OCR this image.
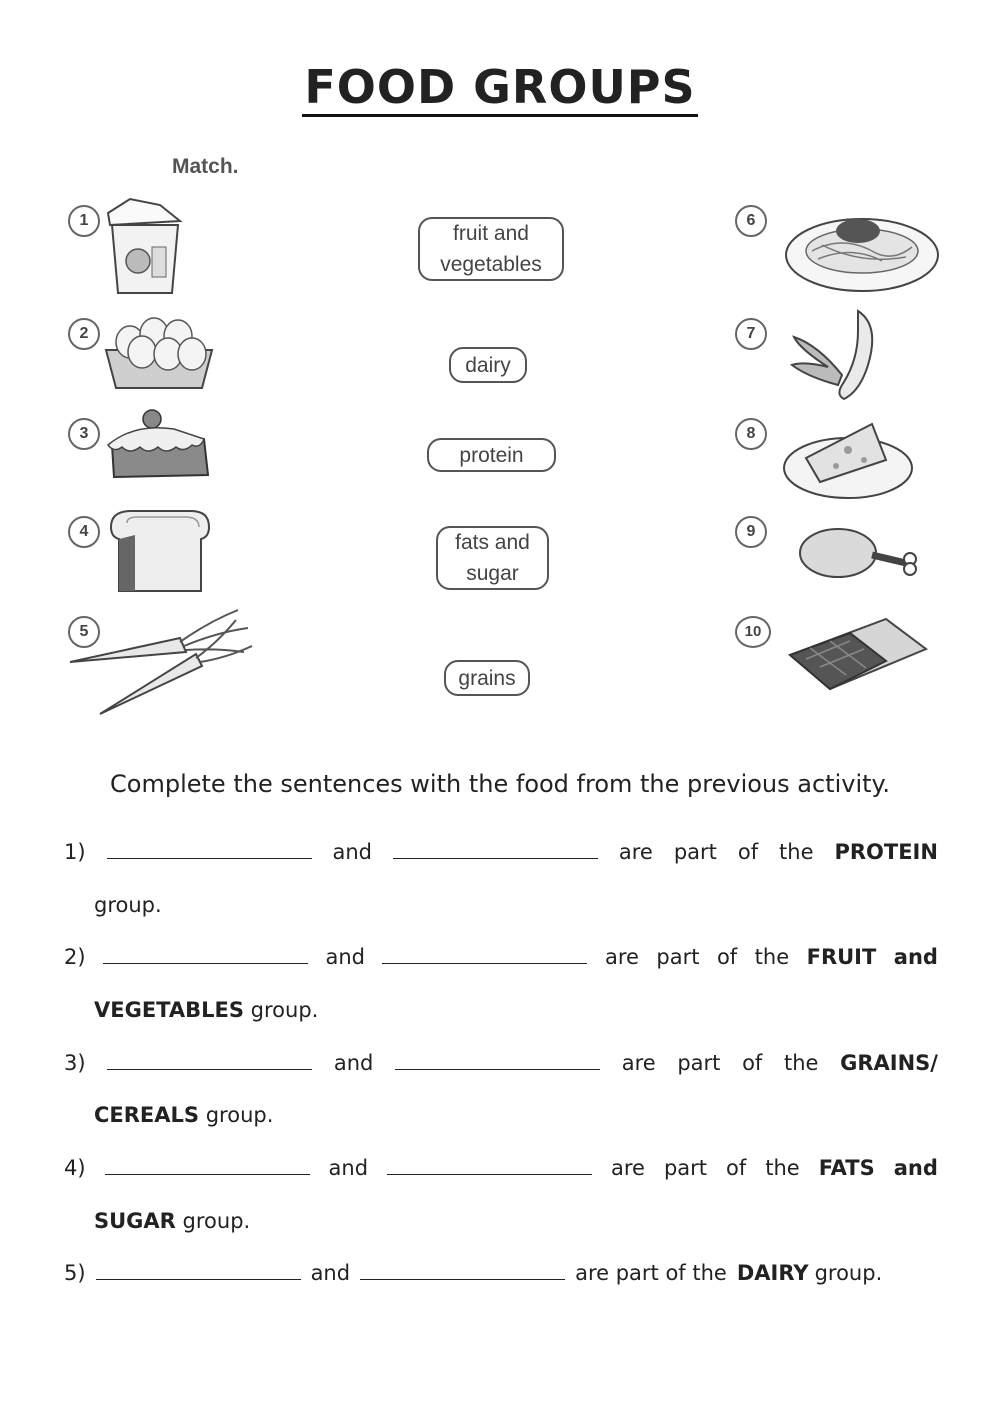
FOOD GROUPS
Match.
1
2
3
4
5
6
7
8
9
10
fruit and
vegetables
dairy
protein
fats and
sugar
grains
Complete the sentences with the food from the previous activity.
1)	and	are part of the PROTEIN
group.
2)	and	are part of the FRUIT and
VEGETABLES group.
3)	and	are part of the GRAINS/
CEREALS group.
4)	and	are part of the FATS and
SUGAR group.
5)	and	are part of the DAIRY group.
